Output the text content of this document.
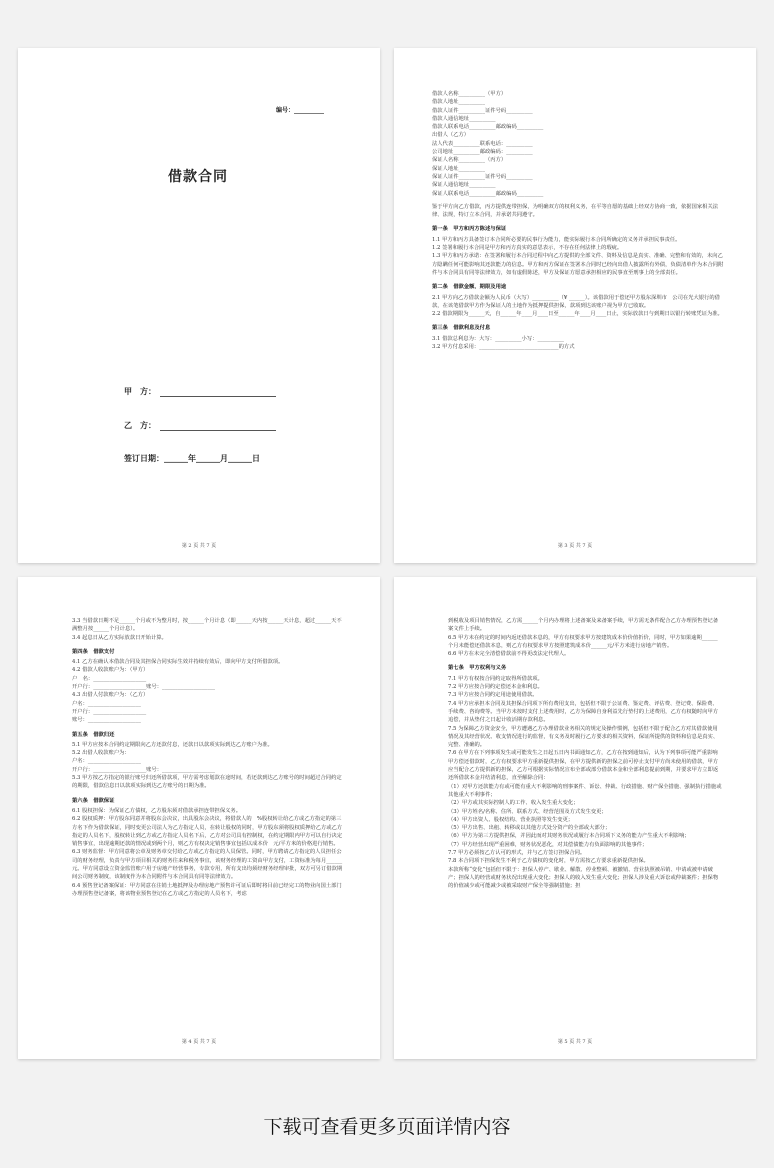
编号：__________
借款合同
甲　方：
乙　方：
签订日期：______年______月______日
第 2 页 共 7 页

借款人名称__________（甲方）

借款人地址__________

借款人证件__________证件号码__________

借款人通信地址__________

借款人联系电话__________邮政编码__________

出借人（乙方）

法人代表__________联系电话：__________

公司地址__________邮政编码：__________

保证人名称__________（丙方）

保证人地址__________

保证人证件__________证件号码__________

保证人通信地址__________

保证人联系电话__________邮政编码__________

鉴于甲方向乙方借款，丙方提供连带担保，为明确双方的权利义务，在平等自愿的基础上经双方协商一致，依据国家相关法律、法规，特订立本合同，并承诺共同遵守。

第一条　甲方和丙方陈述与保证

1.1 甲方和丙方具备签订本合同所必要的民事行为能力，能实际履行本合同所确定的义务并承担民事责任。

1.2 签署和履行本合同是甲方和丙方真实的意思表示，不存在任何法律上的瑕疵。

1.3 甲方和丙方承诺：在签署和履行本合同过程中向乙方提供的全部文件、资料及信息是真实、准确、完整和有效的，未向乙方隐瞒任何可能影响其还款能力的信息。甲方和丙方保证在签署本合同时已经向出借人披露所有外债，负债清单作为本合同附件与本合同具有同等法律效力，如有虚假陈述，甲方及保证方愿意承担相应的民事直至刑事上的全部责任。

第二条　借款金额、期限及用途

2.1 甲方向乙方借款金额为人民币（大写）__________（¥ ______）。该借款用于偿还甲方股东深圳市　公司在光大银行的借款，在该笔借款甲方作为保证人的土地作为抵押提供担保，款项到达该账户视为甲方已收取。

2.2 借款期限为______天，自______年____月____日至______年____月____日止，实际放款日与到期日以银行转账凭证为准。

第三条　借款利息及付息

3.1 借款总利息为：大写：__________小写：__________

3.2 甲方付息采用：______________________________的方式

第 3 页 共 7 页

3.3 当借款日期不足______个月或不为整月时，按______个月计息（即______天内按______天计息，超过______天不满整月按______个月计息）。

3.4 起息日从乙方实际放款日开始计算。

第四条　借款支付

4.1 乙方在确认本借款合同及其担保合同实际生效并持续有效后，即向甲方支付所借款项。

4.2 借款人收款账户为：（甲方）

户　名：____________________

开户行：____________________账号：____________________

4.3 出借人付款账户为：（乙方）

户名：____________________

开户行：____________________

账号：____________________

第五条　借款归还

5.1 甲方应按本合同约定期限向乙方还款付息，还款日以款项实际到达乙方账户为准。

5.2 出借人收款账户为：

户名：____________________

开户行：____________________账号：____________________

5.3 甲方按乙方指定的银行账号归还所借款项，甲方需考虑划款在途时间，若还款到达乙方账号的时间超过合同约定的期限，借款信息日以款项实际到达乙方账号的日期为准。

第六条　借款保证

6.1 股权担保：为保证乙方债权，乙方股东须对借款承担连带担保义务。

6.2 股权质押：甲方股东同意并将股东会决议，出具股东会决议，将借款人的　%股权转让给乙方或乙方指定的第三方名下作为借款保证，同时变更公司法人为乙方指定人员，在转让股权的同时，甲方股东须将股权质押给乙方或乙方指定的人员名下，股权转让到乙方或乙方指定人员名下后，乙方对公司具有控制权，在约定期限内甲方可以自行决定销售事宜，出现逾期还款的情况或到两个月，则乙方有权决定销售事宜包括以成本价　元/平方米的价格进行销售。

6.3 财务监督：甲方同意将公章及财务章交付给乙方或乙方指定的人员保管。同时，甲方聘请乙方指定的人员担任公司的财务经理，负责与甲方项目相关的财务往来和税务事宜，该财务经理的工资由甲方支付，工资标准为每月______元。甲方同意设立资金监管账户用于房地产经营事务，专款专用，所有支出均须经财务经理审批，双方可另订借款期间公司财务制度，该制度作为本合同附件与本合同具有同等法律效力。

6.4 预售登记备案保证：甲方同意在注销土地抵押及办理房地产预售许可证后即时将目前已经完工的物业向国土部门办理预售登记备案，将该物业预售登记在乙方或乙方指定的人员名下，考虑

第 4 页 共 7 页

到税收及项目销售情况，乙方需______个月内办理将上述备案及来备案手续，甲方需无条件配合乙方办理预售登记备案文件上手续。

6.5 甲方未在约定的时间内返还借款本息的，甲方有权要求甲方按建筑成本价价值折价，同时，甲方如果逾期______个月未能偿还借款本息，则乙方有权要求甲方按照建筑成本价______元/平方米进行房地产销售。

6.6 甲方在未完全清偿借款前不得更改法定代理人。

第七条　甲方权利与义务

7.1 甲方有权按合同约定取得所借款项。

7.2 甲方应按合同约定偿还本金和利息。

7.3 甲方应按合同约定用途使用借款。

7.4 甲方应承担本合同及其担保合同项下所有费用支出，包括但不限于公证费、鉴定费、评估费、登记费、保险费、手续费、咨询费等。当甲方未按时支付上述费用时，乙方为保障自身利益先行垫付的上述费用，乙方有权随时向甲方追偿，并从垫付之日起计收活期存款利息。

7.5 为保障乙方资金安全，甲方遭遇乙方办理借款业务相关的规定及操作惯例，包括但不限于配合乙方对其借款使用情况及其经营状况、收支情况进行的监督，有义务及时履行乙方要求的相关资料，保证所提供的资料和信息是真实、完整、准确的。

7.6 在甲方在下列事项发生或可能发生之日起五日内书面通知乙方，乙方在按到通知后，认为下列事项可能严重影响甲方偿还借款时，乙方有权要求甲方重新提供担保，在甲方提供新的担保之前可停止支付甲方尚未使用的借款，甲方应当配合乙方提供新的担保，乙方可根据实际情况宣布全部或部分借款本金和全部利息提前到期，并要求甲方立即返还所借款本金并结清利息，直至解除合同：

（1）对甲方还款能力有或可能有重大不利影响的刑事案件、诉讼、仲裁、行政措施、财产保全措施、强制执行措施或其他重大不利事件；

（2）甲方或其实际控制人的工作、收入发生重大变化；

（3）甲方姓名/名称、住所、联系方式、经营范围及方式发生变更；

（4）甲方出资人、股权结构、营业执照等发生变更；

（5）甲方出售、出租、转移或以其他方式处分资产的全部或大部分；

（6）甲方为第三方提供担保，并因此而对其财务状况或履行本合同项下义务的能力产生重大不利影响；

（7）甲方经营出现严重困难，财务状况恶化，对其偿债能力有负面影响的其他事件；

7.7 甲方必须按乙方认可的形式，并与乙方签订担保合同。

7.8 本合同项下担保发生不利于乙方债权的变化时，甲方需按乙方要求重新提供担保。

本款所称“变化”包括但不限于：担保人停产、歇业、解散、停业整顿、被撤销、营业执照被吊销、申请或被申请破产；担保人的经营或财务状况出现重大变化；担保人的收入发生重大变化；担保人涉及重大诉讼或仲裁案件；担保物的价值减少或可能减少或被采取财产保全等强制措施；担

第 5 页 共 7 页
下载可查看更多页面详情内容
